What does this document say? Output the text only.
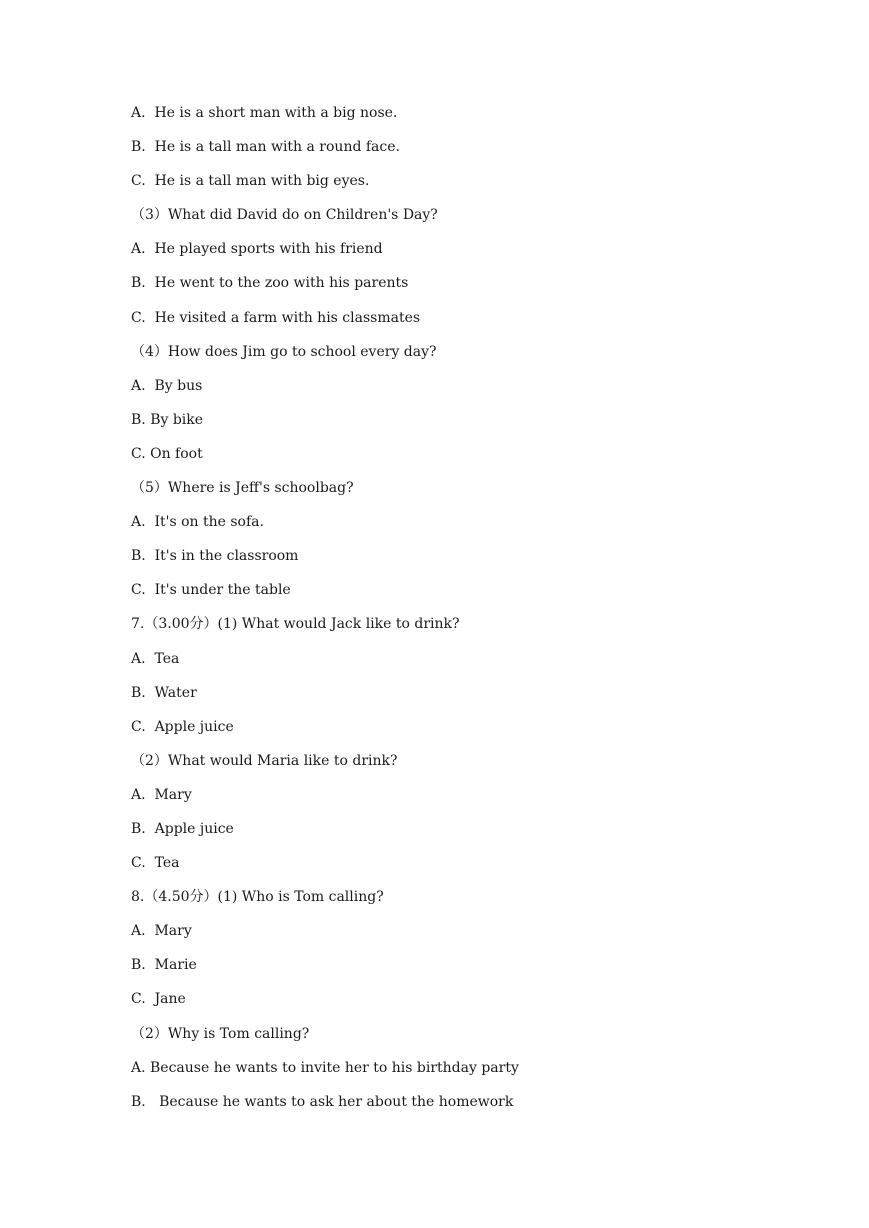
A.  He is a short man with a big nose.
B.  He is a tall man with a round face.
C.  He is a tall man with big eyes.
（3）What did David do on Children's Day?
A.  He played sports with his friend
B.  He went to the zoo with his parents
C.  He visited a farm with his classmates
（4）How does Jim go to school every day?
A.  By bus
B. By bike
C. On foot
（5）Where is Jeff's schoolbag?
A.  It's on the sofa.
B.  It's in the classroom
C.  It's under the table
7.（3.00分）(1) What would Jack like to drink?
A.  Tea
B.  Water
C.  Apple juice
（2）What would Maria like to drink?
A.  Mary
B.  Apple juice
C.  Tea
8.（4.50分）(1) Who is Tom calling?
A.  Mary
B.  Marie
C.  Jane
（2）Why is Tom calling?
A. Because he wants to invite her to his birthday party
B.   Because he wants to ask her about the homework
